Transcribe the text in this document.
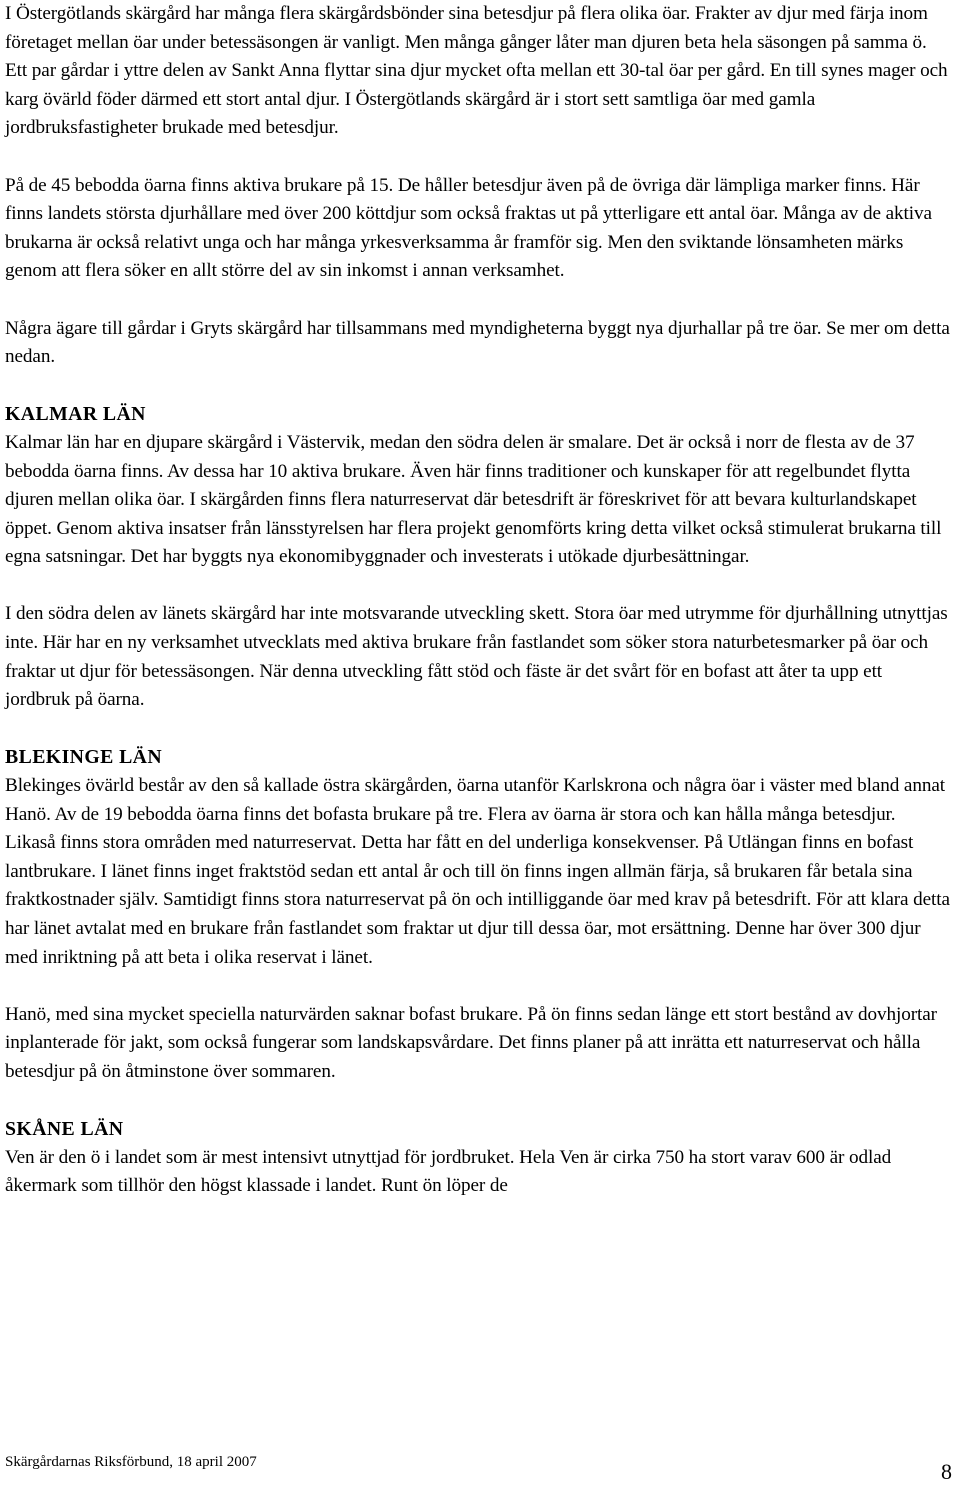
I Östergötlands skärgård har många flera skärgårdsbönder sina betesdjur på flera olika öar. Frakter av djur med färja inom företaget mellan öar under betessäsongen är vanligt. Men många gånger låter man djuren beta hela säsongen på samma ö. Ett par gårdar i yttre delen av Sankt Anna flyttar sina djur mycket ofta mellan ett 30-tal öar per gård. En till synes mager och karg övärld föder därmed ett stort antal djur. I Östergötlands skärgård är i stort sett samtliga öar med gamla jordbruksfastigheter brukade med betesdjur.

På de 45 bebodda öarna finns aktiva brukare på 15. De håller betesdjur även på de övriga där lämpliga marker finns. Här finns landets största djurhållare med över 200 köttdjur som också fraktas ut på ytterligare ett antal öar. Många av de aktiva brukarna är också relativt unga och har många yrkesverksamma år framför sig. Men den sviktande lönsamheten märks genom att flera söker en allt större del av sin inkomst i annan verksamhet.

Några ägare till gårdar i Gryts skärgård har tillsammans med myndigheterna byggt nya djurhallar på tre öar. Se mer om detta nedan.

KALMAR LÄN

Kalmar län har en djupare skärgård i Västervik, medan den södra delen är smalare. Det är också i norr de flesta av de 37 bebodda öarna finns. Av dessa har 10 aktiva brukare. Även här finns traditioner och kunskaper för att regelbundet flytta djuren mellan olika öar. I skärgården finns flera naturreservat där betesdrift är föreskrivet för att bevara kulturlandskapet öppet. Genom aktiva insatser från länsstyrelsen har flera projekt genomförts kring detta vilket också stimulerat brukarna till egna satsningar. Det har byggts nya ekonomibyggnader och investerats i utökade djurbesättningar.

I den södra delen av länets skärgård har inte motsvarande utveckling skett. Stora öar med utrymme för djurhållning utnyttjas inte. Här har en ny verksamhet utvecklats med aktiva brukare från fastlandet som söker stora naturbetesmarker på öar och fraktar ut djur för betessäsongen. När denna utveckling fått stöd och fäste är det svårt för en bofast att åter ta upp ett jordbruk på öarna.

BLEKINGE LÄN

Blekinges övärld består av den så kallade östra skärgården, öarna utanför Karlskrona och några öar i väster med bland annat Hanö. Av de 19 bebodda öarna finns det bofasta brukare på tre. Flera av öarna är stora och kan hålla många betesdjur. Likaså finns stora områden med naturreservat. Detta har fått en del underliga konsekvenser. På Utlängan finns en bofast lantbrukare. I länet finns inget fraktstöd sedan ett antal år och till ön finns ingen allmän färja, så brukaren får betala sina fraktkostnader själv. Samtidigt finns stora naturreservat på ön och intilliggande öar med krav på betesdrift. För att klara detta har länet avtalat med en brukare från fastlandet som fraktar ut djur till dessa öar, mot ersättning. Denne har över 300 djur med inriktning på att beta i olika reservat i länet.

Hanö, med sina mycket speciella naturvärden saknar bofast brukare. På ön finns sedan länge ett stort bestånd av dovhjortar inplanterade för jakt, som också fungerar som landskapsvårdare. Det finns planer på att inrätta ett naturreservat och hålla betesdjur på ön åtminstone över sommaren.

SKÅNE LÄN

Ven är den ö i landet som är mest intensivt utnyttjad för jordbruket. Hela Ven är cirka 750 ha stort varav 600 är odlad åkermark som tillhör den högst klassade i landet. Runt ön löper de

Skärgårdarnas Riksförbund, 18 april 2007	8
